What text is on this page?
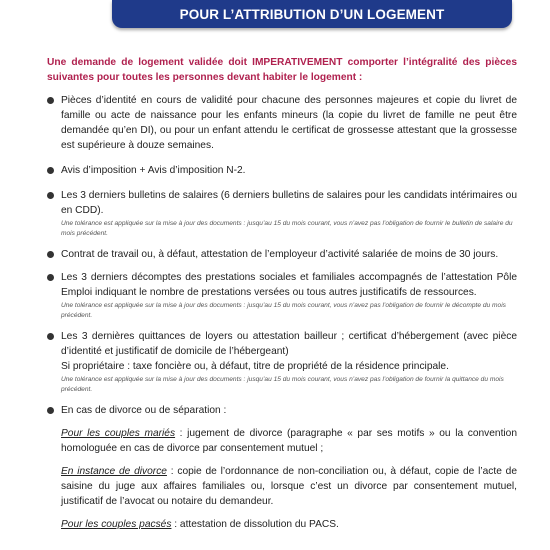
POUR L’ATTRIBUTION D’UN LOGEMENT
Une demande de logement validée doit IMPERATIVEMENT comporter l’intégralité des pièces suivantes pour toutes les personnes devant habiter le logement :
Pièces d’identité en cours de validité pour chacune des personnes majeures et copie du livret de famille ou acte de naissance pour les enfants mineurs (la copie du livret de famille ne peut être demandée qu’en DI), ou pour un enfant attendu le certificat de grossesse attestant que la grossesse est supérieure à douze semaines.
Avis d’imposition + Avis d’imposition N-2.
Les 3 derniers bulletins de salaires (6 derniers bulletins de salaires pour les candidats intérimaires ou en CDD).
Une tolérance est appliquée sur la mise à jour des documents : jusqu’au 15 du mois courant, vous n’avez pas l’obligation de fournir le bulletin de salaire du mois précédent.
Contrat de travail ou, à défaut, attestation de l’employeur d’activité salariée de moins de 30 jours.
Les 3 derniers décomptes des prestations sociales et familiales accompagnés de l’attestation Pôle Emploi indiquant le nombre de prestations versées ou tous autres justificatifs de ressources.
Une tolérance est appliquée sur la mise à jour des documents : jusqu’au 15 du mois courant, vous n’avez pas l’obligation de fournir le décompte du mois précédent.
Les 3 dernières quittances de loyers ou attestation bailleur ; certificat d’hébergement (avec pièce d’identité et justificatif de domicile de l’hébergeant)
Si propriétaire : taxe foncière ou, à défaut, titre de propriété de la résidence principale.
Une tolérance est appliquée sur la mise à jour des documents : jusqu’au 15 du mois courant, vous n’avez pas l’obligation de fournir la quittance du mois précédent.
En cas de divorce ou de séparation :
Pour les couples mariés : jugement de divorce (paragraphe « par ses motifs » ou la convention homologuée en cas de divorce par consentement mutuel ;
En instance de divorce : copie de l’ordonnance de non-conciliation ou, à défaut, copie de l’acte de saisine du juge aux affaires familiales ou, lorsque c’est un divorce par consentement mutuel, justificatif de l’avocat ou notaire du demandeur.
Pour les couples pacsés : attestation de dissolution du PACS.
